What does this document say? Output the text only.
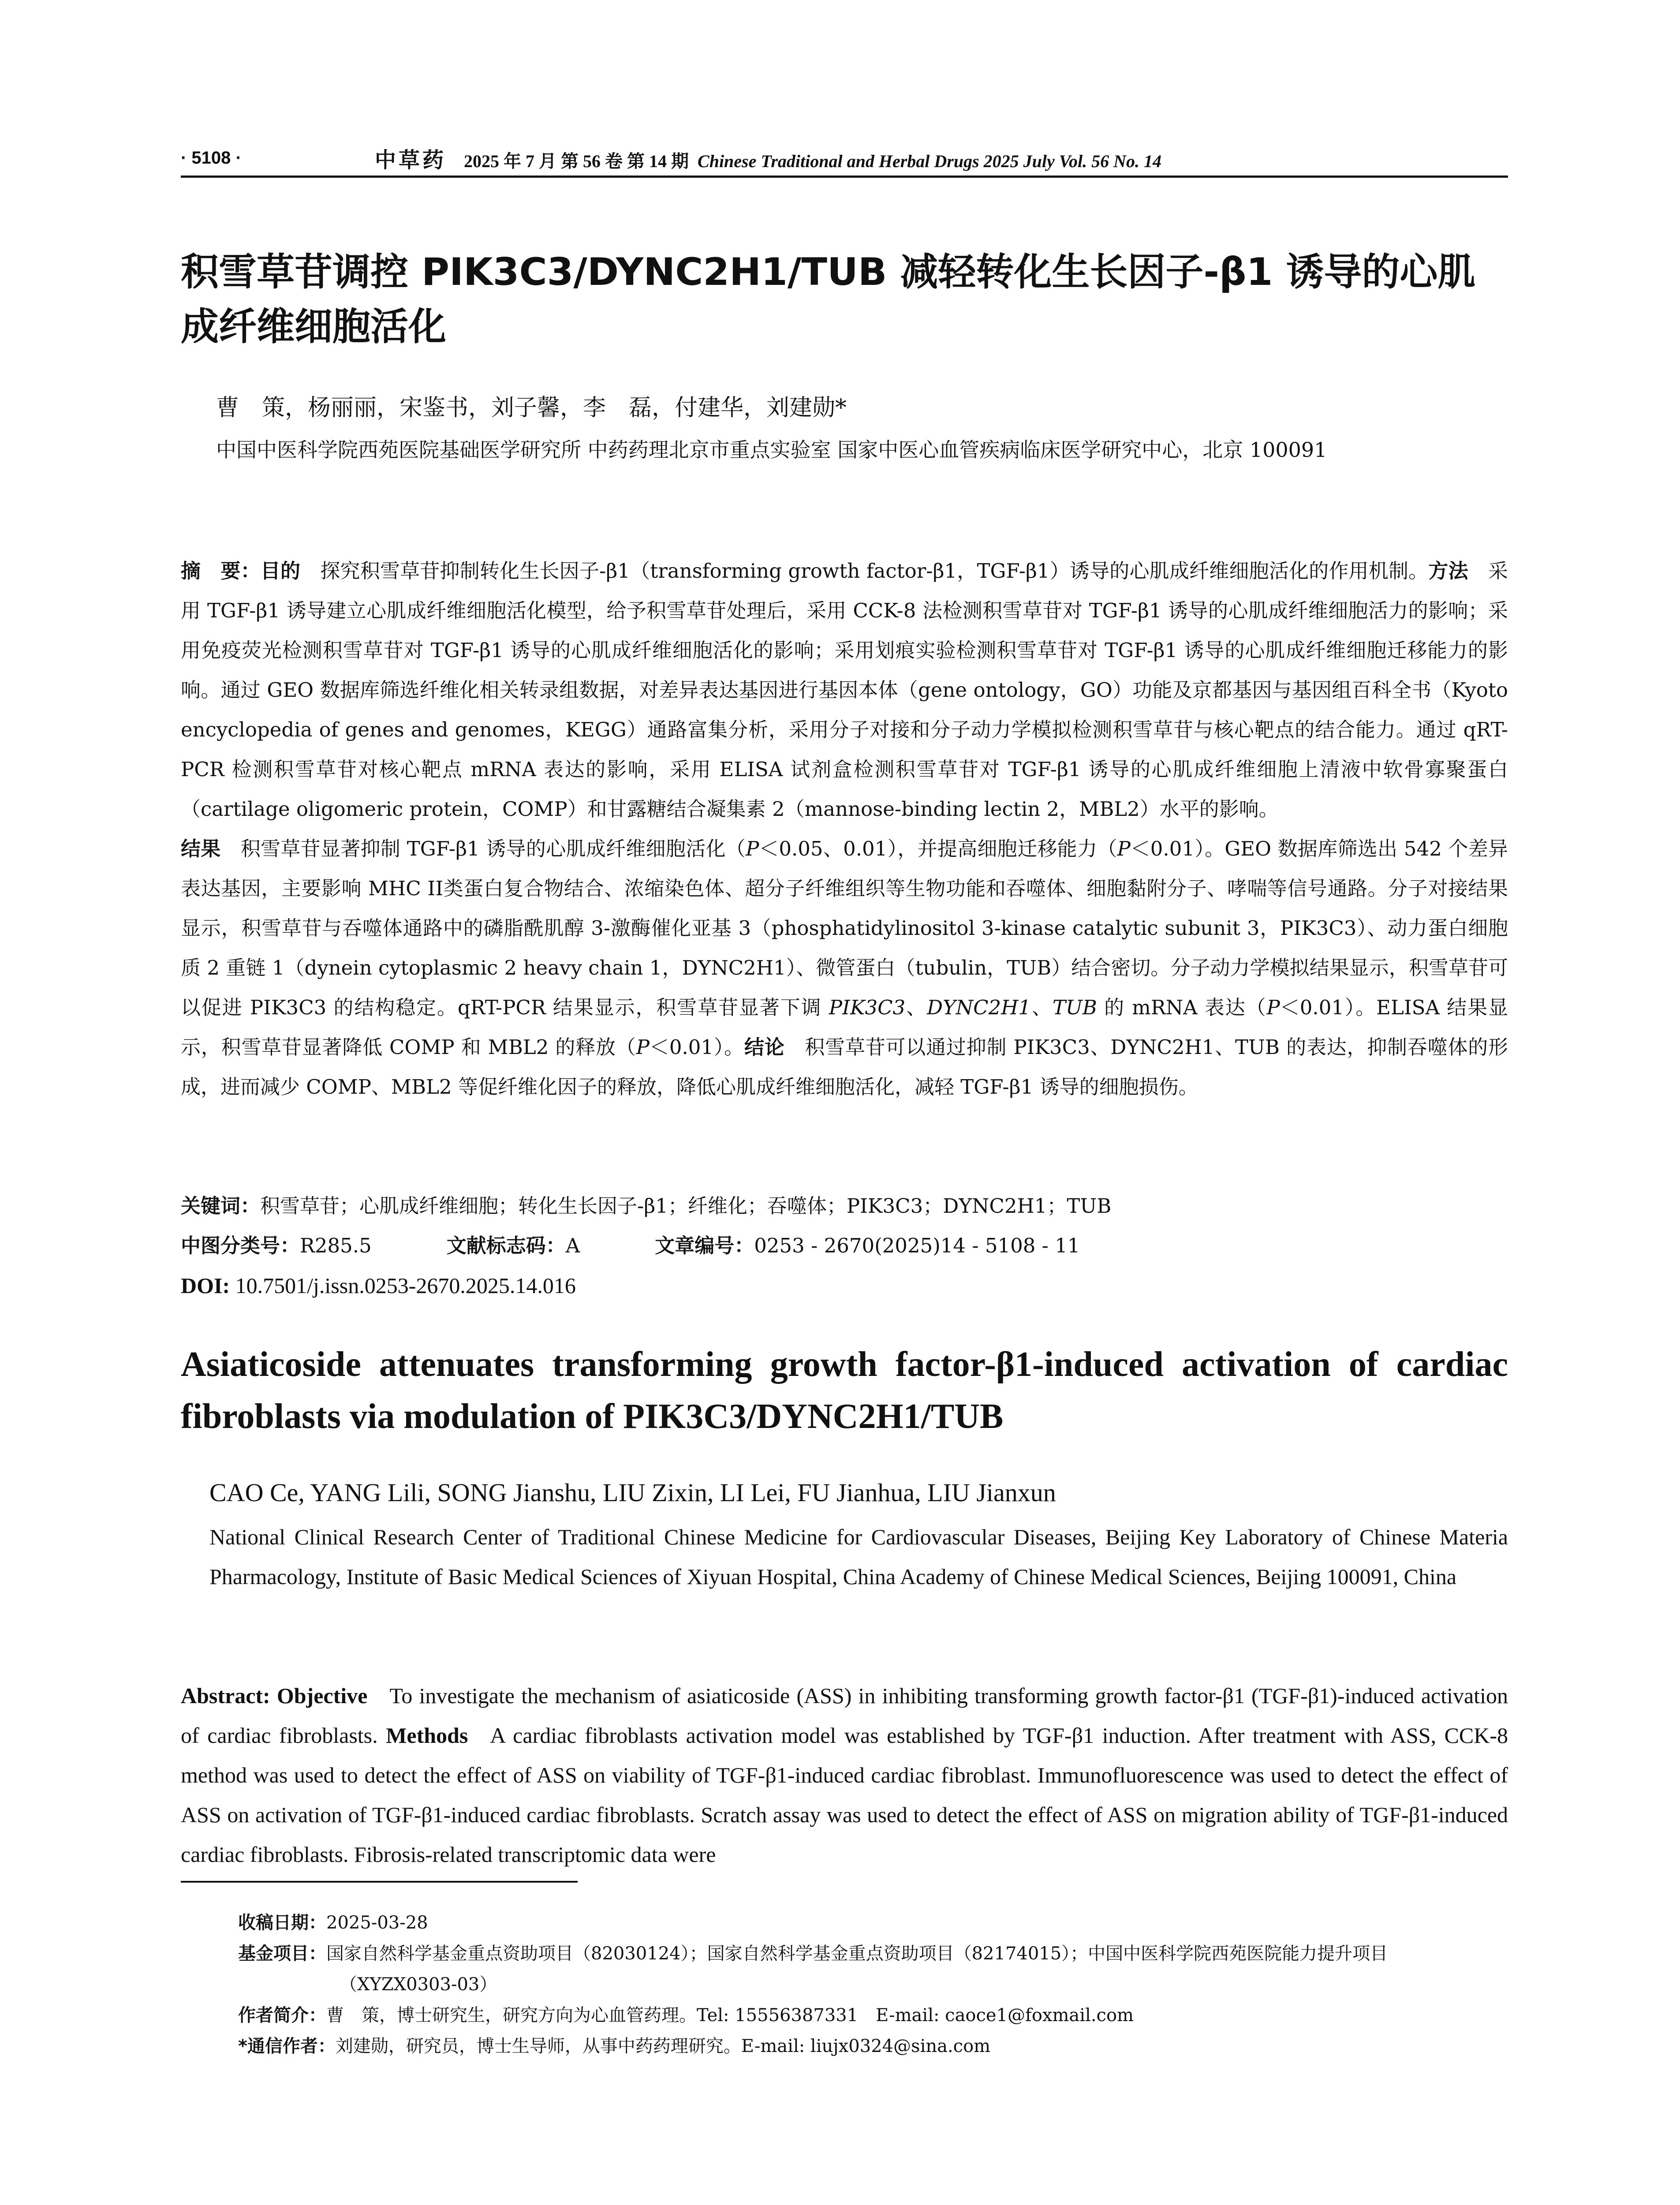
· 5108 ·	中草药 2025 年 7 月 第 56 卷 第 14 期 Chinese Traditional and Herbal Drugs 2025 July Vol. 56 No. 14
积雪草苷调控 PIK3C3/DYNC2H1/TUB 减轻转化生长因子-β1 诱导的心肌成纤维细胞活化
曹　策，杨丽丽，宋鉴书，刘子馨，李　磊，付建华，刘建勋*
中国中医科学院西苑医院基础医学研究所 中药药理北京市重点实验室 国家中医心血管疾病临床医学研究中心，北京 100091
摘　要：目的  探究积雪草苷抑制转化生长因子-β1（transforming growth factor-β1，TGF-β1）诱导的心肌成纤维细胞活化的作用机制。方法  采用 TGF-β1 诱导建立心肌成纤维细胞活化模型，给予积雪草苷处理后，采用 CCK-8 法检测积雪草苷对 TGF-β1 诱导的心肌成纤维细胞活力的影响；采用免疫荧光检测积雪草苷对 TGF-β1 诱导的心肌成纤维细胞活化的影响；采用划痕实验检测积雪草苷对 TGF-β1 诱导的心肌成纤维细胞迁移能力的影响。通过 GEO 数据库筛选纤维化相关转录组数据，对差异表达基因进行基因本体（gene ontology，GO）功能及京都基因与基因组百科全书（Kyoto encyclopedia of genes and genomes，KEGG）通路富集分析，采用分子对接和分子动力学模拟检测积雪草苷与核心靶点的结合能力。通过 qRT-PCR 检测积雪草苷对核心靶点 mRNA 表达的影响，采用 ELISA 试剂盒检测积雪草苷对 TGF-β1 诱导的心肌成纤维细胞上清液中软骨寡聚蛋白（cartilage oligomeric protein，COMP）和甘露糖结合凝集素 2（mannose-binding lectin 2，MBL2）水平的影响。
结果  积雪草苷显著抑制 TGF-β1 诱导的心肌成纤维细胞活化（P＜0.05、0.01），并提高细胞迁移能力（P＜0.01）。GEO 数据库筛选出 542 个差异表达基因，主要影响 MHC II类蛋白复合物结合、浓缩染色体、超分子纤维组织等生物功能和吞噬体、细胞黏附分子、哮喘等信号通路。分子对接结果显示，积雪草苷与吞噬体通路中的磷脂酰肌醇 3-激酶催化亚基 3（phosphatidylinositol 3-kinase catalytic subunit 3，PIK3C3）、动力蛋白细胞质 2 重链 1（dynein cytoplasmic 2 heavy chain 1，DYNC2H1）、微管蛋白（tubulin，TUB）结合密切。分子动力学模拟结果显示，积雪草苷可以促进 PIK3C3 的结构稳定。qRT-PCR 结果显示，积雪草苷显著下调 PIK3C3、DYNC2H1、TUB 的 mRNA 表达（P＜0.01）。ELISA 结果显示，积雪草苷显著降低 COMP 和 MBL2 的释放（P＜0.01）。结论  积雪草苷可以通过抑制 PIK3C3、DYNC2H1、TUB 的表达，抑制吞噬体的形成，进而减少 COMP、MBL2 等促纤维化因子的释放，降低心肌成纤维细胞活化，减轻 TGF-β1 诱导的细胞损伤。
关键词：积雪草苷；心肌成纤维细胞；转化生长因子-β1；纤维化；吞噬体；PIK3C3；DYNC2H1；TUB
中图分类号：R285.5	文献标志码：A	文章编号：0253 - 2670(2025)14 - 5108 - 11
DOI: 10.7501/j.issn.0253-2670.2025.14.016
Asiaticoside attenuates transforming growth factor-β1-induced activation of cardiac fibroblasts via modulation of PIK3C3/DYNC2H1/TUB
CAO Ce, YANG Lili, SONG Jianshu, LIU Zixin, LI Lei, FU Jianhua, LIU Jianxun
National Clinical Research Center of Traditional Chinese Medicine for Cardiovascular Diseases, Beijing Key Laboratory of Chinese Materia Pharmacology, Institute of Basic Medical Sciences of Xiyuan Hospital, China Academy of Chinese Medical Sciences, Beijing 100091, China
Abstract: Objective  To investigate the mechanism of asiaticoside (ASS) in inhibiting transforming growth factor-β1 (TGF-β1)-induced activation of cardiac fibroblasts. Methods  A cardiac fibroblasts activation model was established by TGF-β1 induction. After treatment with ASS, CCK-8 method was used to detect the effect of ASS on viability of TGF-β1-induced cardiac fibroblast. Immunofluorescence was used to detect the effect of ASS on activation of TGF-β1-induced cardiac fibroblasts. Scratch assay was used to detect the effect of ASS on migration ability of TGF-β1-induced cardiac fibroblasts. Fibrosis-related transcriptomic data were

收稿日期：2025-03-28

基金项目：国家自然科学基金重点资助项目（82030124）；国家自然科学基金重点资助项目（82174015）；中国中医科学院西苑医院能力提升项目

（XYZX0303-03）

作者简介：曹　策，博士研究生，研究方向为心血管药理。Tel: 15556387331　E-mail: caoce1@foxmail.com

*通信作者：刘建勋，研究员，博士生导师，从事中药药理研究。E-mail: liujx0324@sina.com
